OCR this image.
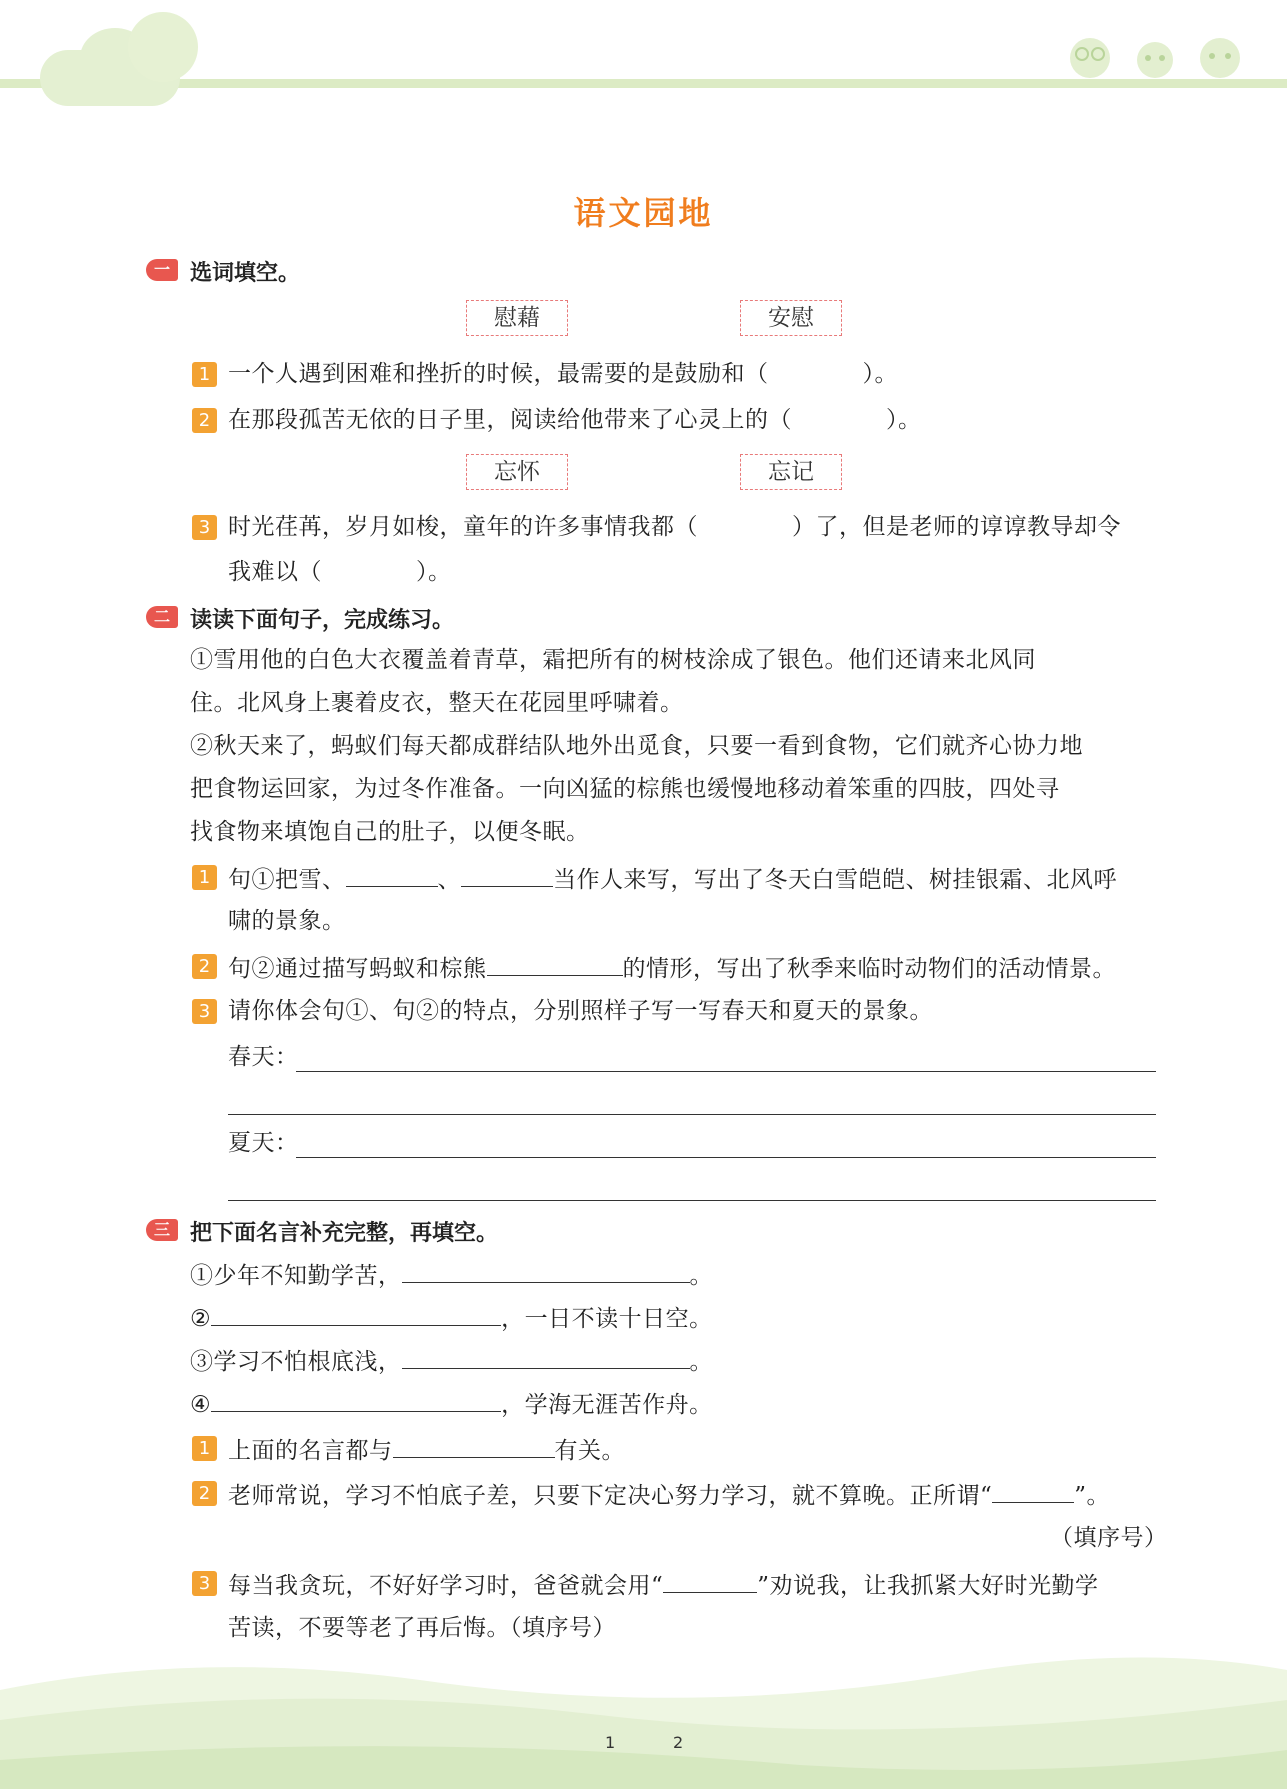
语文园地
一 选词填空。
慰藉	安慰
1 一个人遇到困难和挫折的时候，最需要的是鼓励和（　　　　）。
2 在那段孤苦无依的日子里，阅读给他带来了心灵上的（　　　　）。
忘怀	忘记
3 时光荏苒，岁月如梭，童年的许多事情我都（　　　　）了，但是老师的谆谆教导却令
我难以（　　　　）。
二 读读下面句子，完成练习。
①雪用他的白色大衣覆盖着青草，霜把所有的树枝涂成了银色。他们还请来北风同
住。北风身上裹着皮衣，整天在花园里呼啸着。
②秋天来了，蚂蚁们每天都成群结队地外出觅食，只要一看到食物，它们就齐心协力地
把食物运回家，为过冬作准备。一向凶猛的棕熊也缓慢地移动着笨重的四肢，四处寻
找食物来填饱自己的肚子，以便冬眠。
1 句①把雪、	、	当作人来写，写出了冬天白雪皑皑、树挂银霜、北风呼
啸的景象。
2 句②通过描写蚂蚁和棕熊	的情形，写出了秋季来临时动物们的活动情景。
3 请你体会句①、句②的特点，分别照样子写一写春天和夏天的景象。
春天：
夏天：
三 把下面名言补充完整，再填空。
①少年不知勤学苦，	。
②	，一日不读十日空。
③学习不怕根底浅，	。
④	，学海无涯苦作舟。
1 上面的名言都与	有关。
2 老师常说，学习不怕底子差，只要下定决心努力学习，就不算晚。正所谓“	”。
（填序号）
3 每当我贪玩，不好好学习时，爸爸就会用“	”劝说我，让我抓紧大好时光勤学
苦读，不要等老了再后悔。（填序号）
1	2
